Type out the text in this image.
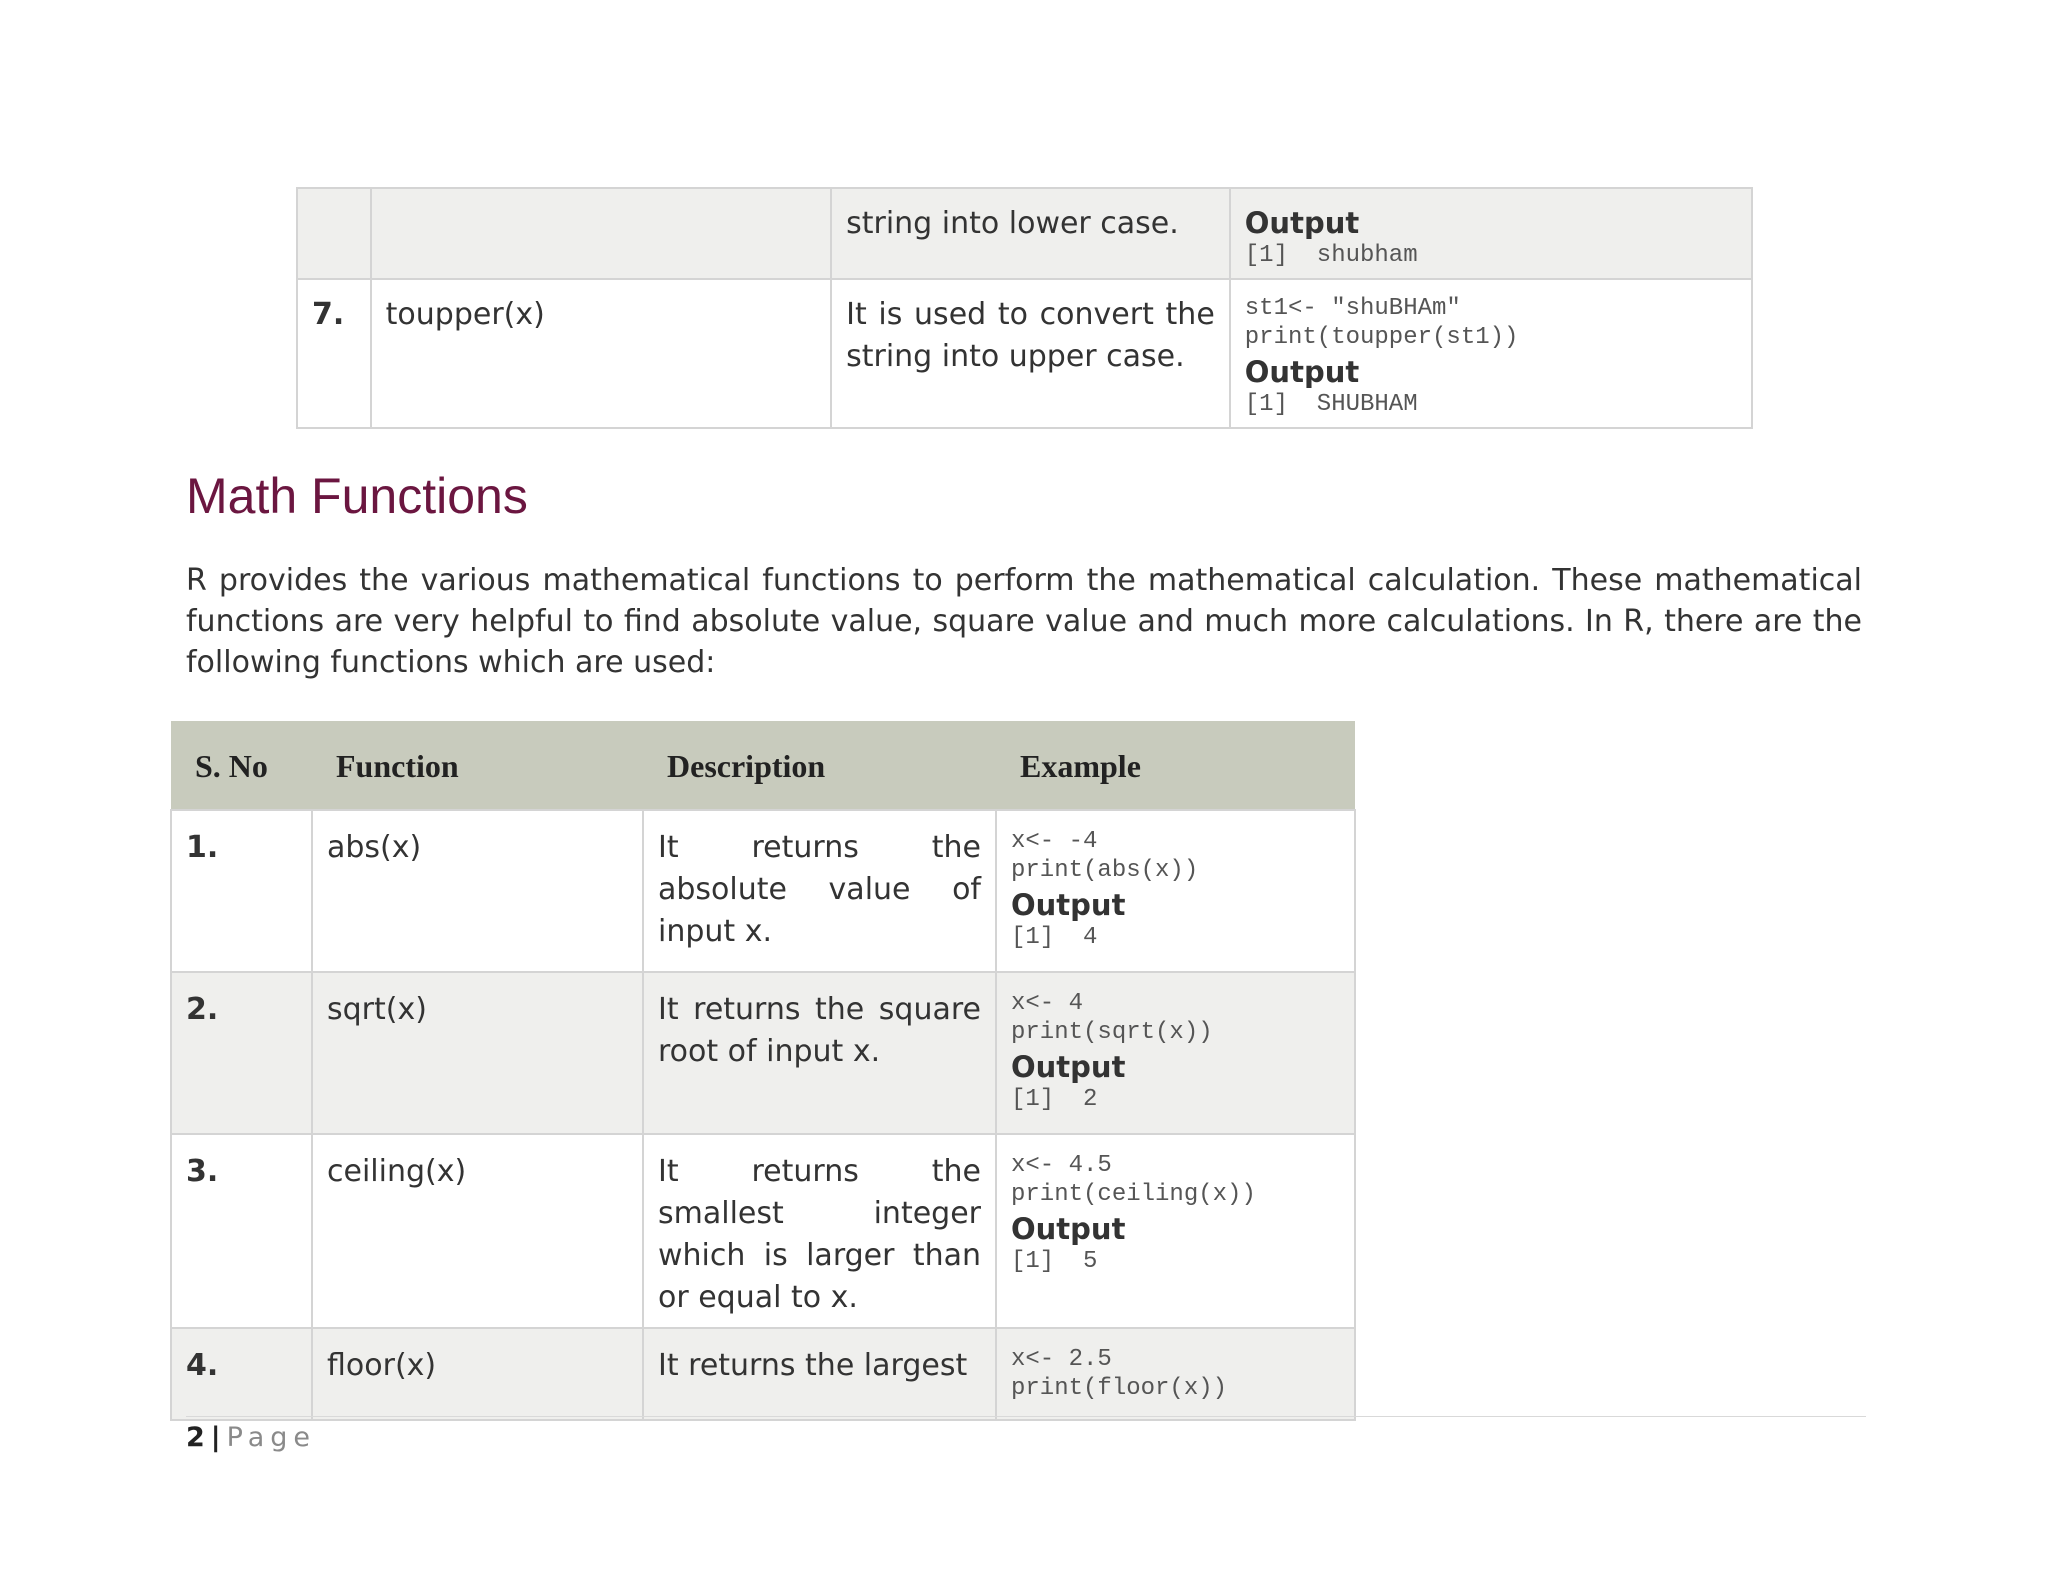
		string into lower case.	Output
[1]  shubham

7.	toupper(x)	It is used to convert the string into upper case.	st1<- "shuBHAm"
print(toupper(st1))
Output
[1]  SHUBHAM
Math Functions

R provides the various mathematical functions to perform the mathematical calculation. These mathematical functions are very helpful to find absolute value, square value and much more calculations. In R, there are the following functions which are used:

S. No	Function	Description	Example
1.	abs(x)	It returns the absolute value of input x.	x<- -4
print(abs(x))
Output
[1]  4

2.	sqrt(x)	It returns the square root of input x.	x<- 4
print(sqrt(x))
Output
[1]  2

3.	ceiling(x)	It returns the smallest integer which is larger than or equal to x.	x<- 4.5
print(ceiling(x))
Output
[1]  5

4.	floor(x)	It returns the largest	x<- 2.5
print(floor(x))
2 | Page
